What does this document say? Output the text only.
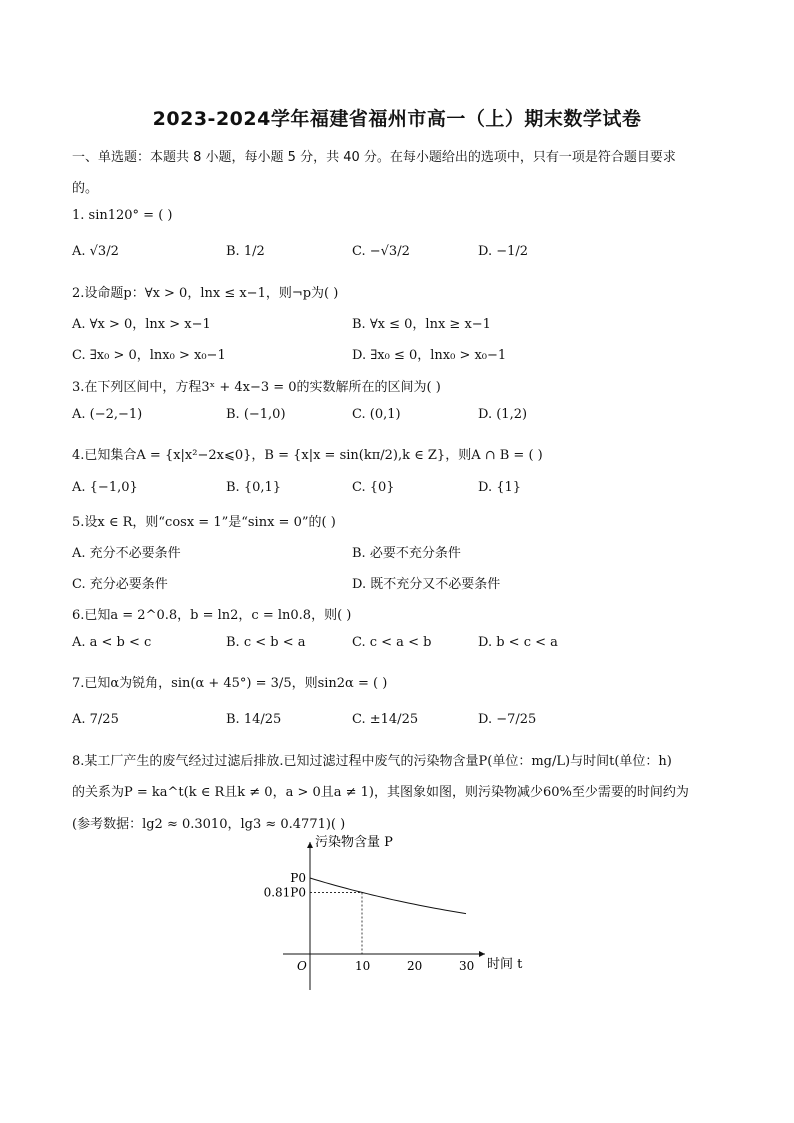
2023-2024学年福建省福州市高一（上）期末数学试卷
一、单选题：本题共 8 小题，每小题 5 分，共 40 分。在每小题给出的选项中，只有一项是符合题目要求
的。
1. sin120° = ( )
A. √3/2	B. 1/2	C. −√3/2	D. −1/2
2.设命题p：∀x > 0，lnx ≤ x−1，则¬p为( )
A. ∀x > 0，lnx > x−1	B. ∀x ≤ 0，lnx ≥ x−1
C. ∃x₀ > 0，lnx₀ > x₀−1	D. ∃x₀ ≤ 0，lnx₀ > x₀−1
3.在下列区间中，方程3ˣ + 4x−3 = 0的实数解所在的区间为( )
A. (−2,−1)	B. (−1,0)	C. (0,1)	D. (1,2)
4.已知集合A = {x|x²−2x⩽0}，B = {x|x = sin(kπ/2),k ∈ Z}，则A ∩ B = ( )
A. {−1,0}	B. {0,1}	C. {0}	D. {1}
5.设x ∈ R，则“cosx = 1”是“sinx = 0”的( )
A. 充分不必要条件	B. 必要不充分条件
C. 充分必要条件	D. 既不充分又不必要条件
6.已知a = 2^0.8，b = ln2，c = ln0.8，则( )
A. a < b < c	B. c < b < a	C. c < a < b	D. b < c < a
7.已知α为锐角，sin(α + 45°) = 3/5，则sin2α = ( )
A. 7/25	B. 14/25	C. ±14/25	D. −7/25
8.某工厂产生的废气经过过滤后排放.已知过滤过程中废气的污染物含量P(单位：mg/L)与时间t(单位：h)
的关系为P = ka^t(k ∈ R且k ≠ 0，a > 0且a ≠ 1)，其图象如图，则污染物减少60%至少需要的时间约为
(参考数据：lg2 ≈ 0.3010，lg3 ≈ 0.4771)( )
污染物含量 P
时间 t
O	10	20	30
P0
0.81P0
